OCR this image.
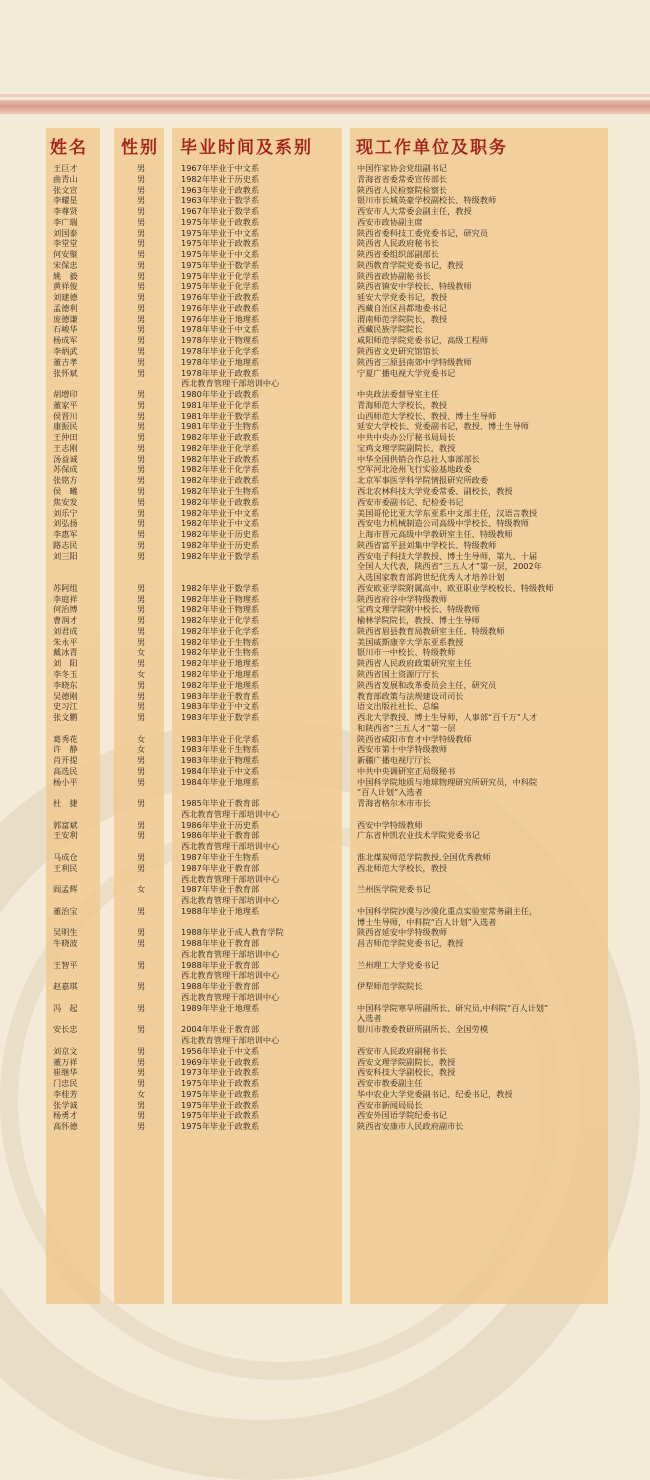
姓名 性别 毕业时间及系别	现工作单位及职务
王巨才	男	1967年毕业于中文系	中国作家协会党组副书记
曲青山	男	1982年毕业于历史系	青海省省委常委宣传部长
张文宣	男	1963年毕业于政教系	陕西省人民检察院检察长
李耀星	男	1963年毕业于数学系	银川市长城英豪学校副校长、特级教师
李尊贤	男	1967年毕业于数学系	西安市人大常委会副主任，教授
李广瑞	男	1975年毕业于政教系	西安市政协副主席
刘国泰	男	1975年毕业于中文系	陕西省委科技工委党委书记，研究员
李堂堂	男	1975年毕业于政教系	陕西省人民政府秘书长
何安聚	男	1975年毕业于中文系	陕西省委组织部副部长
宋保忠	男	1975年毕业于数学系	陕西教育学院党委书记，教授
姚　毅	男	1975年毕业于化学系	陕西省政协副秘书长
黄祥俊	男	1975年毕业于化学系	陕西省镇安中学校长、特级教师
刘建德	男	1976年毕业于政教系	延安大学党委书记，教授
孟德利	男	1976年毕业于政教系	西藏自治区昌都地委书记
庞德谦	男	1976年毕业于地理系	渭南师范学院院长，教授
石峻华	男	1978年毕业于中文系	西藏民族学院院长
杨成军	男	1978年毕业于物理系	咸阳师范学院党委书记，高级工程师
李炳武	男	1978年毕业于化学系	陕西省文史研究馆馆长
董吉孝	男	1978年毕业于地理系	陕西省三原县南郊中学特级教师
张怀斌	男	1978年毕业于政教系	宁夏广播电视大学党委书记
西北教育管理干部培训中心
胡增印	男	1980年毕业于政教系	中央政法委督导室主任
董家平	男	1981年毕业于化学系	青海师范大学校长，教授
侯晋川	男	1981年毕业于数学系	山西师范大学校长、教授、博士生导师
康振民	男	1981年毕业于生物系	延安大学校长、党委副书记，教授、博士生导师
王仲田	男	1982年毕业于政教系	中共中央办公厅秘书局局长
王志刚	男	1982年毕业于化学系	宝鸡文理学院副院长，教授
汤益诚	男	1982年毕业于政教系	中华全国供销合作总社人事部部长
苏保成	男	1982年毕业于化学系	空军河北沧州飞行实验基地政委
张铭方	男	1982年毕业于政教系	北京军事医学科学院情报研究所政委
侯　曦	男	1982年毕业于生物系	西北农林科技大学党委常委、副校长，教授
焦安发	男	1982年毕业于政教系	西安市委副书记、纪检委书记
刘乐宁	男	1982年毕业于中文系	美国哥伦比亚大学东亚系中文部主任，汉语言教授
刘弘扬	男	1982年毕业于中文系	西安电力机械制造公司高级中学校长、特级教师
李惠军	男	1982年毕业于历史系	上海市晋元高级中学教研室主任、特级教师
路志民	男	1982年毕业于历史系	陕西省富平县刘集中学校长、特级教师
刘三阳	男	1982年毕业于数学系	西安电子科技大学教授、博士生导师，第九、十届
全国人大代表，陕西省“三五人才”第一层，2002年
入选国家教育部跨世纪优秀人才培养计划
苏阿组	男	1982年毕业于数学系	西安欧亚学院附属高中、欧亚职业学校校长、特级教师
李庭祥	男	1982年毕业于物理系	陕西省府谷中学特级教师
何治博	男	1982年毕业于物理系	宝鸡文理学院附中校长、特级教师
曹润才	男	1982年毕业于化学系	榆林学院院长，教授、博士生导师
刘君成	男	1982年毕业于化学系	陕西省眉县教育局教研室主任、特级教师
朱永平	男	1982年毕业于生物系	美国威斯康辛大学东亚系教授
戴冰青	女	1982年毕业于生物系	银川市一中校长、特级教师
刘　阳	男	1982年毕业于地理系	陕西省人民政府政策研究室主任
李冬玉	女	1982年毕业于地理系	陕西省国土资源厅厅长
李晓东	男	1982年毕业于地理系	陕西省发展和改革委员会主任，研究员
吴德刚	男	1983年毕业于教育系	教育部政策与法规建设司司长
史习江	男	1983年毕业于中文系	语文出版社社长、总编
张文鹏	男	1983年毕业于数学系	西北大学教授、博士生导师，人事部“百千万”人才
和陕西省“三五人才”第一层
葛秀花	女	1983年毕业于化学系	陕西省咸阳市育才中学特级教师
许　静	女	1983年毕业于生物系	西安市第十中学特级教师
肖开提	男	1983年毕业于物理系	新疆广播电视厅厅长
高选民	男	1984年毕业于中文系	中共中央调研室正局级秘书
杨小平	男	1984年毕业于地理系	中国科学院地质与地球物理研究所研究员，中科院
“百人计划”入选者
杜　捷	男	1985年毕业于教育部	青海省格尔木市市长
西北教育管理干部培训中心
郭富斌	男	1986年毕业于历史系	西安中学特级教师
王安利	男	1986年毕业于教育部	广东省仲凯农业技术学院党委书记
西北教育管理干部培训中心
马成仓	男	1987年毕业于生物系	淮北煤炭师范学院教授,全国优秀教师
王利民	男	1987年毕业于教育部	西北师范大学校长，教授
西北教育管理干部培训中心
阎孟辉	女	1987年毕业于教育部	兰州医学院党委书记
西北教育管理干部培训中心
董治宝	男	1988年毕业于地理系	中国科学院沙漠与沙漠化重点实验室常务副主任，
博士生导师，中科院“百人计划”入选者
吴明生	男	1988年毕业于成人教育学院	陕西省延安中学特级教师
牛晓波	男	1988年毕业于教育部	昌吉师范学院党委书记，教授
西北教育管理干部培训中心
王智平	男	1988年毕业于教育部	兰州理工大学党委书记
西北教育管理干部培训中心
赵嘉琪	男	1988年毕业于教育部	伊犁师范学院院长
西北教育管理干部培训中心
冯　起	男	1989年毕业于地理系	中国科学院寒旱所副所长、研究员,中科院“百人计划”
入选者
安长忠	男	2004年毕业于教育部	银川市教委教研所副所长、全国劳模
西北教育管理干部培训中心
刘京文	男	1956年毕业于中文系	西安市人民政府副秘书长
董万祥	男	1969年毕业于政教系	西安文理学院副院长，教授
崔继华	男	1973年毕业于政教系	西安科技大学副校长，教授
门忠民	男	1975年毕业于政教系	西安市教委副主任
李桂芳	女	1975年毕业于政教系	华中农业大学党委副书记、纪委书记，教授
张学诚	男	1975年毕业于政教系	西安市新闻局局长
杨勇才	男	1975年毕业于政教系	西安外国语学院纪委书记
高怀德	男	1975年毕业于政教系	陕西省安康市人民政府副市长
